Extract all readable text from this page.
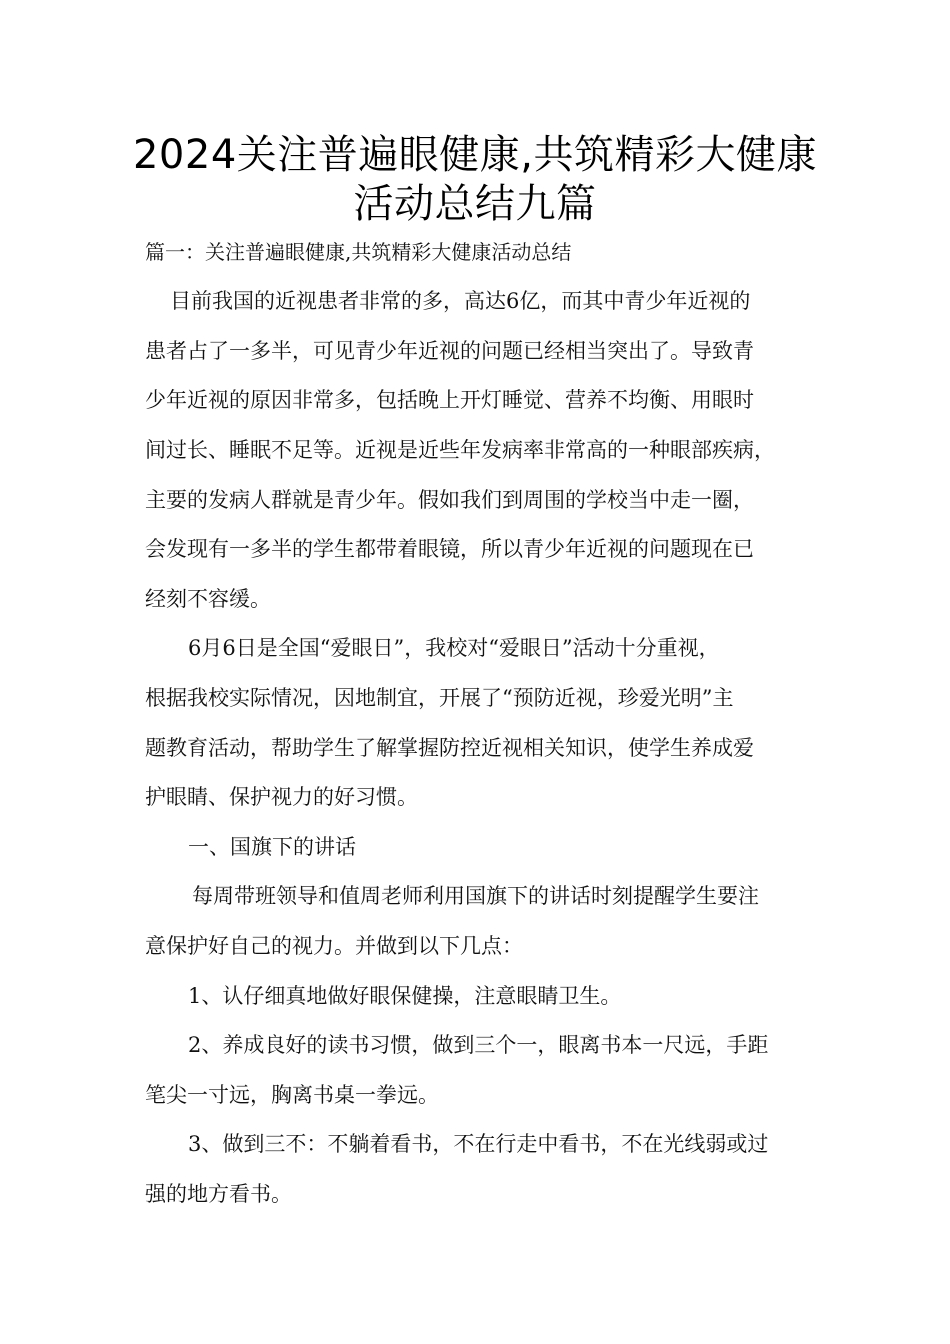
2024关注普遍眼健康,共筑精彩大健康
活动总结九篇
篇一：关注普遍眼健康,共筑精彩大健康活动总结
目前我国的近视患者非常的多，高达6亿，而其中青少年近视的
患者占了一多半，可见青少年近视的问题已经相当突出了。导致青
少年近视的原因非常多，包括晚上开灯睡觉、营养不均衡、用眼时
间过长、睡眠不足等。近视是近些年发病率非常高的一种眼部疾病，
主要的发病人群就是青少年。假如我们到周围的学校当中走一圈，
会发现有一多半的学生都带着眼镜，所以青少年近视的问题现在已
经刻不容缓。
6月6日是全国“爱眼日”，我校对“爱眼日”活动十分重视，
根据我校实际情况，因地制宜，开展了“预防近视，珍爱光明”主
题教育活动，帮助学生了解掌握防控近视相关知识，使学生养成爱
护眼睛、保护视力的好习惯。
一、国旗下的讲话
每周带班领导和值周老师利用国旗下的讲话时刻提醒学生要注
意保护好自己的视力。并做到以下几点：
1、认仔细真地做好眼保健操，注意眼睛卫生。
2、养成良好的读书习惯，做到三个一，眼离书本一尺远，手距
笔尖一寸远，胸离书桌一拳远。
3、做到三不：不躺着看书，不在行走中看书，不在光线弱或过
强的地方看书。
